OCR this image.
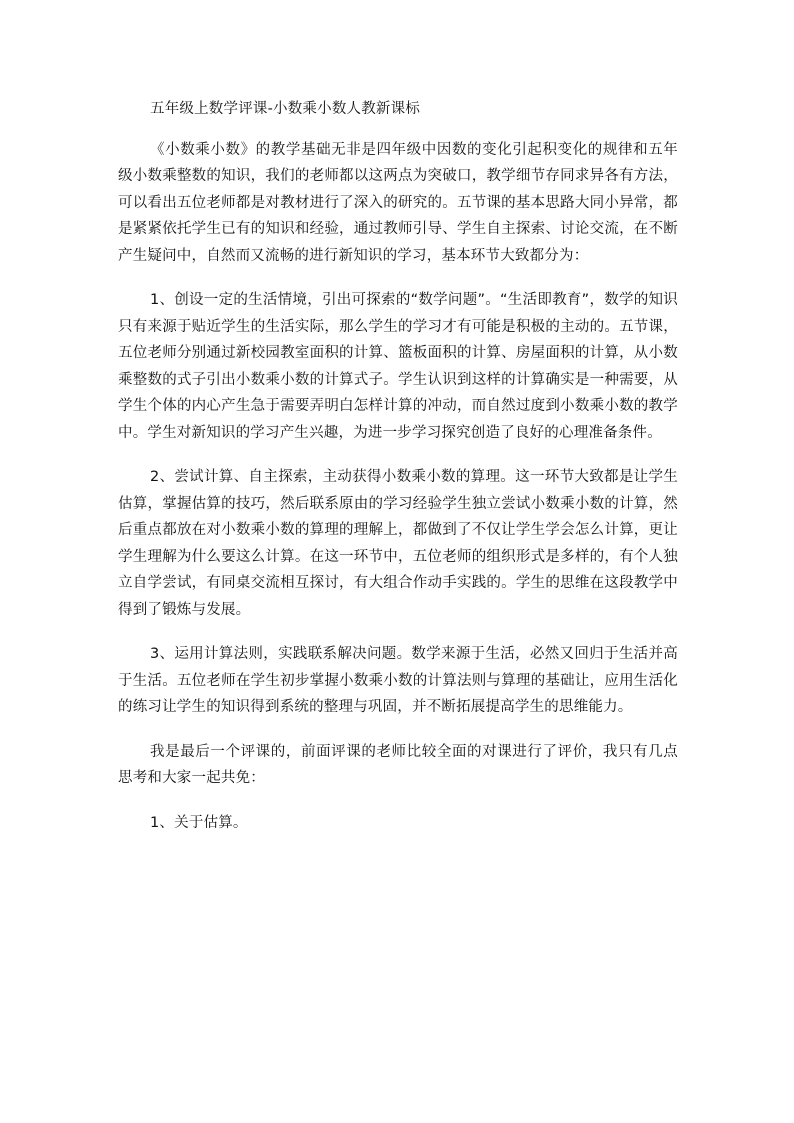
五年级上数学评课-小数乘小数人教新课标

《小数乘小数》的教学基础无非是四年级中因数的变化引起积变化的规律和五年级小数乘整数的知识，我们的老师都以这两点为突破口，教学细节存同求异各有方法，可以看出五位老师都是对教材进行了深入的研究的。五节课的基本思路大同小异常，都是紧紧依托学生已有的知识和经验，通过教师引导、学生自主探索、讨论交流，在不断产生疑问中，自然而又流畅的进行新知识的学习，基本环节大致都分为：

1、创设一定的生活情境，引出可探索的“数学问题”。“生活即教育”，数学的知识只有来源于贴近学生的生活实际，那么学生的学习才有可能是积极的主动的。五节课，五位老师分别通过新校园教室面积的计算、篮板面积的计算、房屋面积的计算，从小数乘整数的式子引出小数乘小数的计算式子。学生认识到这样的计算确实是一种需要，从学生个体的内心产生急于需要弄明白怎样计算的冲动，而自然过度到小数乘小数的教学中。学生对新知识的学习产生兴趣，为进一步学习探究创造了良好的心理准备条件。

2、尝试计算、自主探索，主动获得小数乘小数的算理。这一环节大致都是让学生估算，掌握估算的技巧，然后联系原由的学习经验学生独立尝试小数乘小数的计算，然后重点都放在对小数乘小数的算理的理解上，都做到了不仅让学生学会怎么计算，更让学生理解为什么要这么计算。在这一环节中，五位老师的组织形式是多样的，有个人独立自学尝试，有同桌交流相互探讨，有大组合作动手实践的。学生的思维在这段教学中得到了锻炼与发展。

3、运用计算法则，实践联系解决问题。数学来源于生活，必然又回归于生活并高于生活。五位老师在学生初步掌握小数乘小数的计算法则与算理的基础让，应用生活化的练习让学生的知识得到系统的整理与巩固，并不断拓展提高学生的思维能力。

我是最后一个评课的，前面评课的老师比较全面的对课进行了评价，我只有几点思考和大家一起共免：

1、关于估算。
